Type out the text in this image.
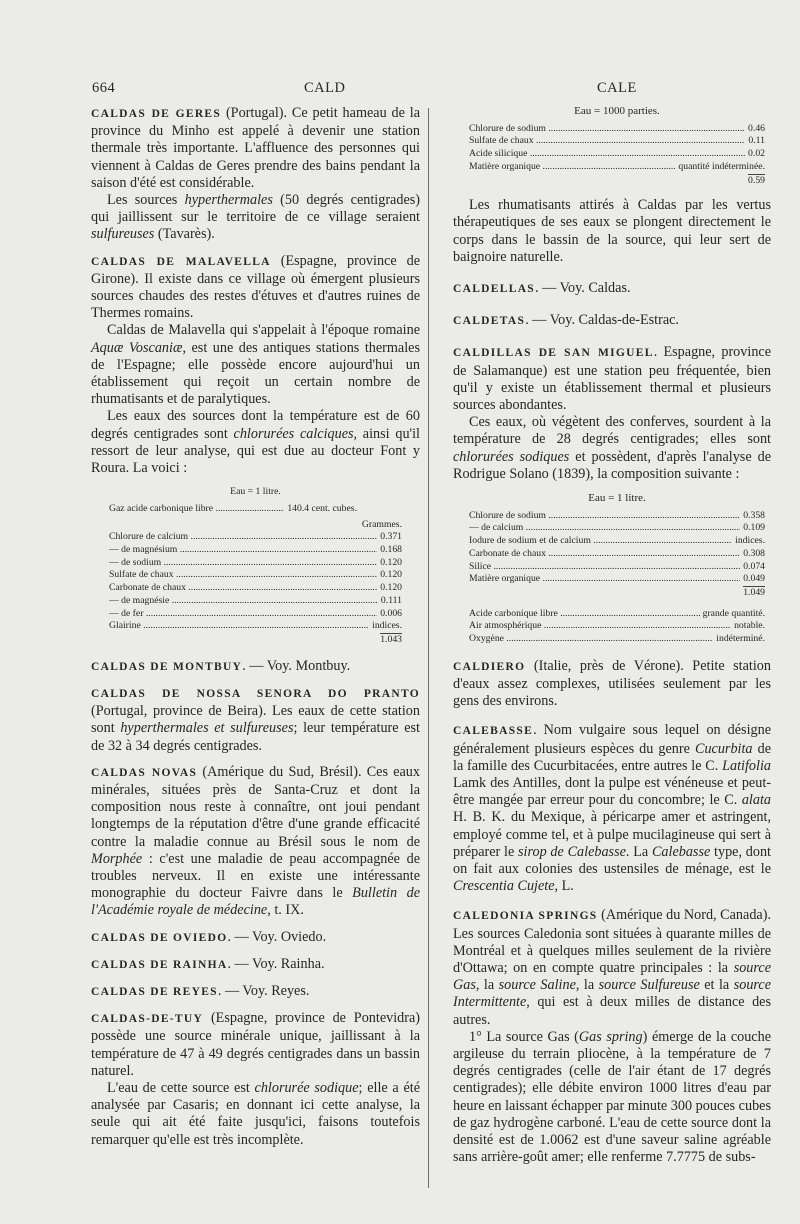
664	CALD	CALE

CALDAS DE GERES (Portugal). Ce petit hameau de la province du Minho est appelé à devenir une station thermale très importante. L'affluence des personnes qui viennent à Caldas de Geres prendre des bains pendant la saison d'été est considérable.

Les sources hyperthermales (50 degrés centigrades) qui jaillissent sur le territoire de ce village seraient sulfureuses (Tavarès).

CALDAS DE MALAVELLA (Espagne, province de Girone). Il existe dans ce village où émergent plusieurs sources chaudes des restes d'étuves et d'autres ruines de Thermes romains.

Caldas de Malavella qui s'appelait à l'époque romaine Aquæ Voscaniæ, est une des antiques stations thermales de l'Espagne; elle possède encore aujourd'hui un établissement qui reçoit un certain nombre de rhumatisants et de paralytiques.

Les eaux des sources dont la température est de 60 degrés centigrades sont chlorurées calciques, ainsi qu'il ressort de leur analyse, qui est due au docteur Font y Roura. La voici :

Eau = 1 litre.
Gaz acide carbonique libre .....	140.4 cent. cubes.
Grammes.
Chlorure de calcium .....	0.371
— de magnésium .....	0.168
— de sodium .....	0.120
Sulfate de chaux .....	0.120
Carbonate de chaux .....	0.120
— de magnésie .....	0.111
— de fer .....	0.006
Glairine .....	indices.
1.043

CALDAS DE MONTBUY. — Voy. Montbuy.

CALDAS DE NOSSA SENORA DO PRANTO (Portugal, province de Beira). Les eaux de cette station sont hyperthermales et sulfureuses; leur température est de 32 à 34 degrés centigrades.

CALDAS NOVAS (Amérique du Sud, Brésil). Ces eaux minérales, situées près de Santa-Cruz et dont la composition nous reste à connaître, ont joui pendant longtemps de la réputation d'être d'une grande efficacité contre la maladie connue au Brésil sous le nom de Morphée : c'est une maladie de peau accompagnée de troubles nerveux. Il en existe une intéressante monographie du docteur Faivre dans le Bulletin de l'Académie royale de médecine, t. IX.

CALDAS DE OVIEDO. — Voy. Oviedo.

CALDAS DE RAINHA. — Voy. Rainha.

CALDAS DE REYES. — Voy. Reyes.

CALDAS-DE-TUY (Espagne, province de Pontevidra) possède une source minérale unique, jaillissant à la température de 47 à 49 degrés centigrades dans un bassin naturel.

L'eau de cette source est chlorurée sodique; elle a été analysée par Casaris; en donnant ici cette analyse, la seule qui ait été faite jusqu'ici, faisons toutefois remarquer qu'elle est très incomplète.

Eau = 1000 parties.
Chlorure de sodium .....	0.46
Sulfate de chaux .....	0.11
Acide silicique .....	0.02
Matière organique .....	quantité indéterminée.
0.59

Les rhumatisants attirés à Caldas par les vertus thérapeutiques de ses eaux se plongent directement le corps dans le bassin de la source, qui leur sert de baignoire naturelle.

CALDELLAS. — Voy. Caldas.

CALDETAS. — Voy. Caldas-de-Estrac.

CALDILLAS DE SAN MIGUEL. Espagne, province de Salamanque) est une station peu fréquentée, bien qu'il y existe un établissement thermal et plusieurs sources abondantes.

Ces eaux, où végètent des conferves, sourdent à la température de 28 degrés centigrades; elles sont chlorurées sodiques et possèdent, d'après l'analyse de Rodrigue Solano (1839), la composition suivante :

Eau = 1 litre.
Chlorure de sodium .....	0.358
— de calcium .....	0.109
Iodure de sodium et de calcium .....	indices.
Carbonate de chaux .....	0.308
Silice .....	0.074
Matière organique .....	0.049
1.049
Acide carbonique libre .....	grande quantité.
Air atmosphérique .....	notable.
Oxygène .....	indéterminé.

CALDIERO (Italie, près de Vérone). Petite station d'eaux assez complexes, utilisées seulement par les gens des environs.

CALEBASSE. Nom vulgaire sous lequel on désigne généralement plusieurs espèces du genre Cucurbita de la famille des Cucurbitacées, entre autres le C. Latifolia Lamk des Antilles, dont la pulpe est vénéneuse et peut-être mangée par erreur pour du concombre; le C. alata H. B. K. du Mexique, à péricarpe amer et astringent, employé comme tel, et à pulpe mucilagineuse qui sert à préparer le sirop de Calebasse. La Calebasse type, dont on fait aux colonies des ustensiles de ménage, est le Crescentia Cujete, L.

CALEDONIA SPRINGS (Amérique du Nord, Canada). Les sources Caledonia sont situées à quarante milles de Montréal et à quelques milles seulement de la rivière d'Ottawa; on en compte quatre principales : la source Gas, la source Saline, la source Sulfureuse et la source Intermittente, qui est à deux milles de distance des autres.

1° La source Gas (Gas spring) émerge de la couche argileuse du terrain pliocène, à la température de 7 degrés centigrades (celle de l'air étant de 17 degrés centigrades); elle débite environ 1000 litres d'eau par heure en laissant échapper par minute 300 pouces cubes de gaz hydrogène carboné. L'eau de cette source dont la densité est de 1.0062 est d'une saveur saline agréable sans arrière-goût amer; elle renferme 7.7775 de subs-
